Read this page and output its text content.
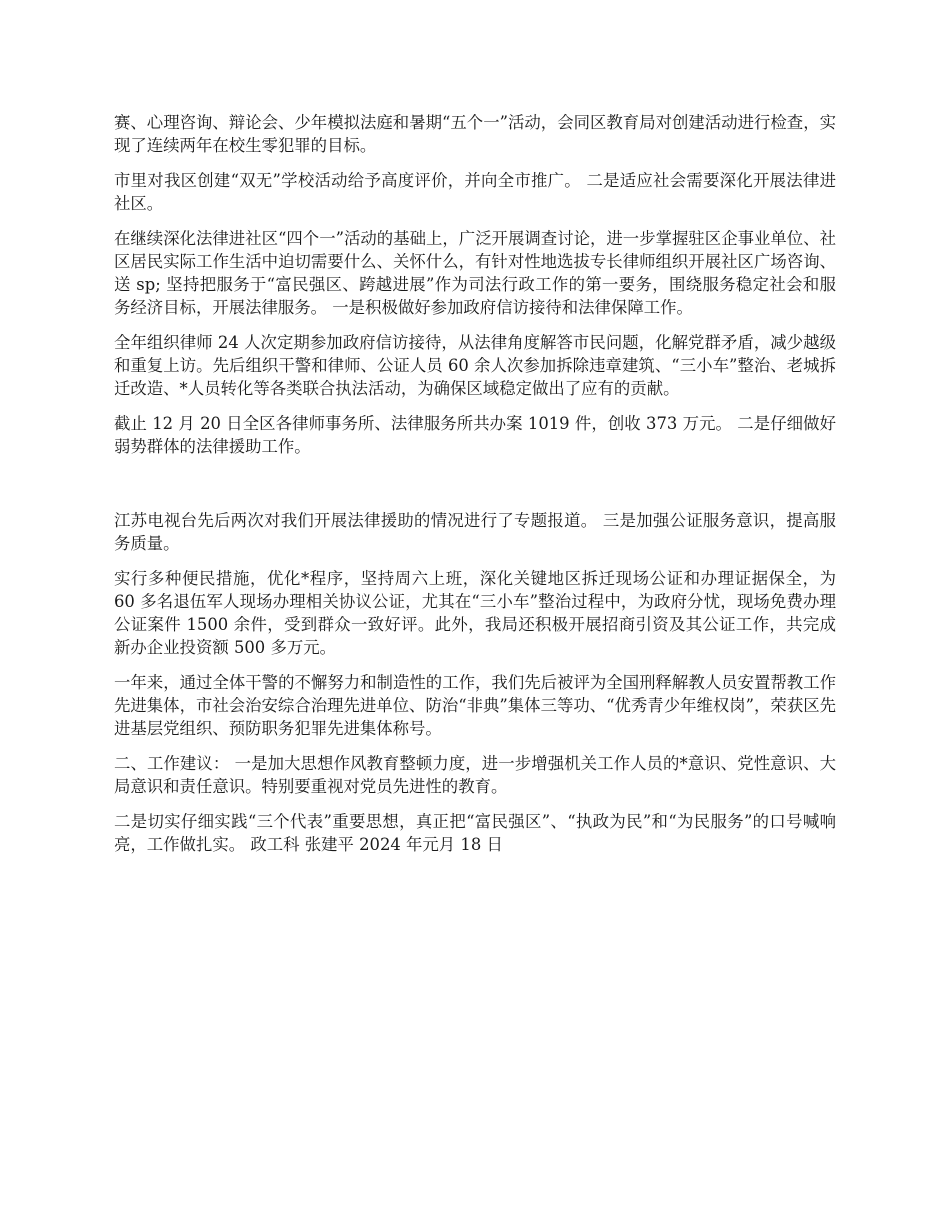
赛、心理咨询、辩论会、少年模拟法庭和暑期“五个一”活动，会同区教育局对创建活动进行检查，实现了连续两年在校生零犯罪的目标。

市里对我区创建“双无”学校活动给予高度评价，并向全市推广。 二是适应社会需要深化开展法律进社区。

在继续深化法律进社区“四个一”活动的基础上，广泛开展调查讨论，进一步掌握驻区企事业单位、社区居民实际工作生活中迫切需要什么、关怀什么，有针对性地选拔专长律师组织开展社区广场咨询、送 sp; 坚持把服务于“富民强区、跨越进展”作为司法行政工作的第一要务，围绕服务稳定社会和服务经济目标，开展法律服务。 一是积极做好参加政府信访接待和法律保障工作。

全年组织律师 24 人次定期参加政府信访接待，从法律角度解答市民问题，化解党群矛盾，减少越级和重复上访。先后组织干警和律师、公证人员 60 余人次参加拆除违章建筑、“三小车”整治、老城拆迁改造、*人员转化等各类联合执法活动，为确保区域稳定做出了应有的贡献。

截止 12 月 20 日全区各律师事务所、法律服务所共办案 1019 件，创收 373 万元。 二是仔细做好弱势群体的法律援助工作。

江苏电视台先后两次对我们开展法律援助的情况进行了专题报道。 三是加强公证服务意识，提高服务质量。

实行多种便民措施，优化*程序，坚持周六上班，深化关键地区拆迁现场公证和办理证据保全，为 60 多名退伍军人现场办理相关协议公证，尤其在“三小车”整治过程中，为政府分忧，现场免费办理公证案件 1500 余件，受到群众一致好评。此外，我局还积极开展招商引资及其公证工作，共完成新办企业投资额 500 多万元。

一年来，通过全体干警的不懈努力和制造性的工作，我们先后被评为全国刑释解教人员安置帮教工作先进集体，市社会治安综合治理先进单位、防治“非典”集体三等功、“优秀青少年维权岗”，荣获区先进基层党组织、预防职务犯罪先进集体称号。

二、工作建议： 一是加大思想作风教育整顿力度，进一步增强机关工作人员的*意识、党性意识、大局意识和责任意识。特别要重视对党员先进性的教育。

二是切实仔细实践“三个代表”重要思想，真正把“富民强区”、“执政为民”和“为民服务”的口号喊响亮，工作做扎实。 政工科 张建平 2024 年元月 18 日
